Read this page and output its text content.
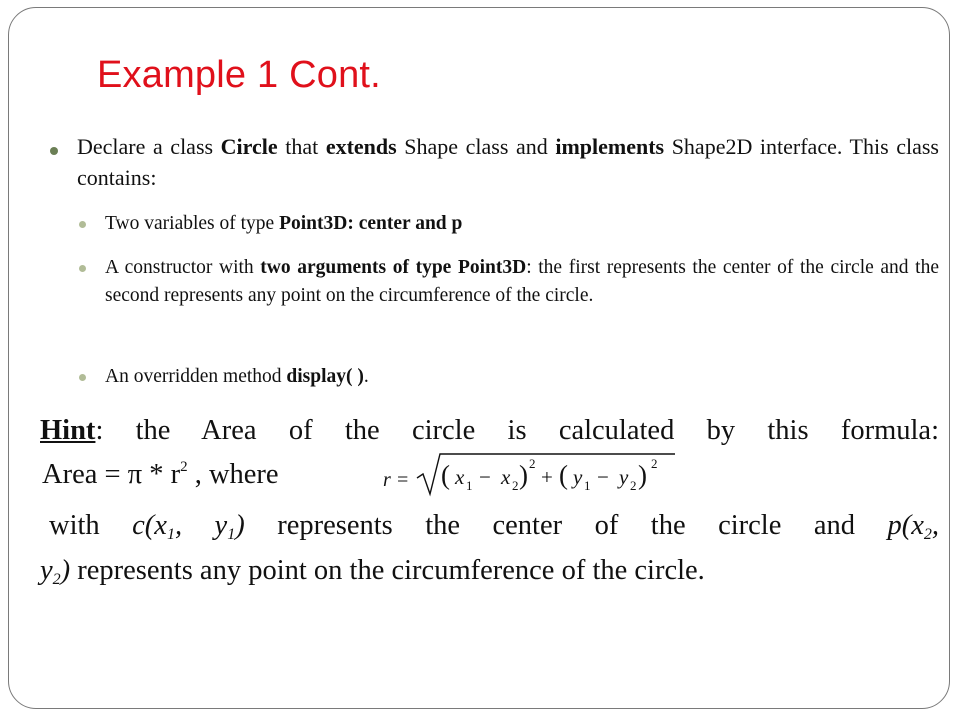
Example 1 Cont.
Declare a class Circle that extends Shape class and implements Shape2D interface. This class contains:
Two variables of type Point3D: center and p
A constructor with two arguments of type Point3D: the first represents the center of the circle and the second represents any point on the circumference of the circle.
An overridden method display( ).
Hint: the Area of the circle is calculated by this formula:
Area = π * $r^2$ , where	r = ( x 1 − x 2 ) 2
+ ( y 1 − y 2 ) 2
with $c(x_1$, $y_1$) represents the center of the circle and $p(x_2$,
$y_2$) represents any point on the circumference of the circle.
